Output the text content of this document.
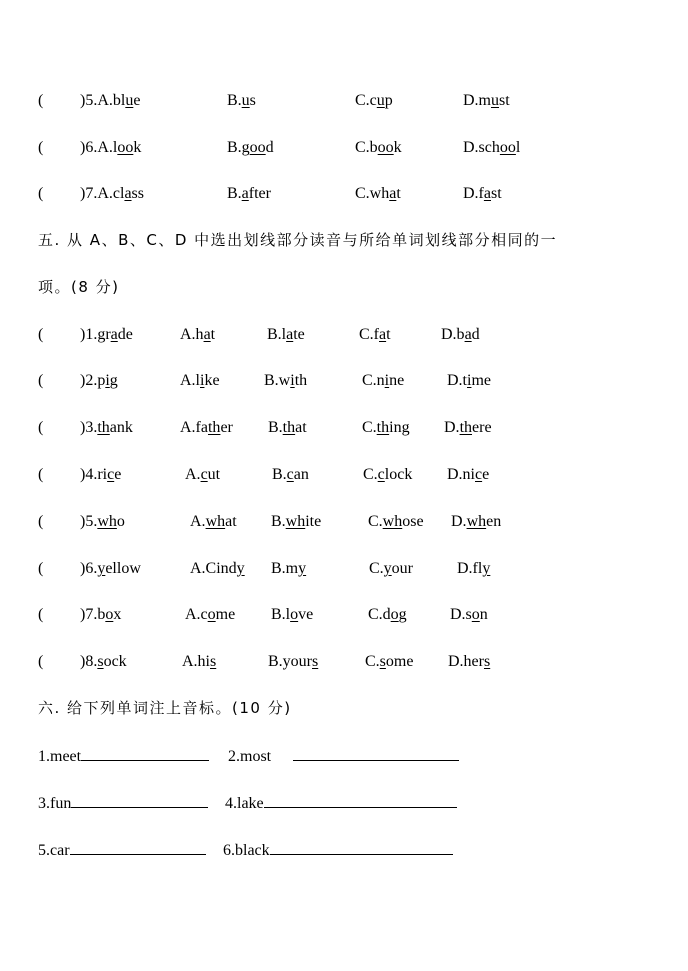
( )5.A.blue	B.us	C.cup	D.must
( )6.A.look	B.good	C.book	D.school
( )7.A.class	B.after	C.what	D.fast
五. 从 A、B、C、D 中选出划线部分读音与所给单词划线部分相同的一
项。(8 分)
( )1.grade	A.hat	B.late	C.fat	D.bad
( )2.pig	A.like	B.with	C.nine	D.time
( )3.thank	A.father B.that	C.thing D.there
( )4.rice	A.cut	B.can	C.clock D.nice
( )5.who	A.what B.white	C.whose D.when
( )6.yellow	A.Cindy B.my	C.your	D.fly
( )7.box	A.come B.love	C.dog	D.son
( )8.sock	A.his	B.yours	C.some D.hers
六. 给下列单词注上音标。(10 分)
1.meet	2.most
3.fun	4.lake
5.car	6.black
